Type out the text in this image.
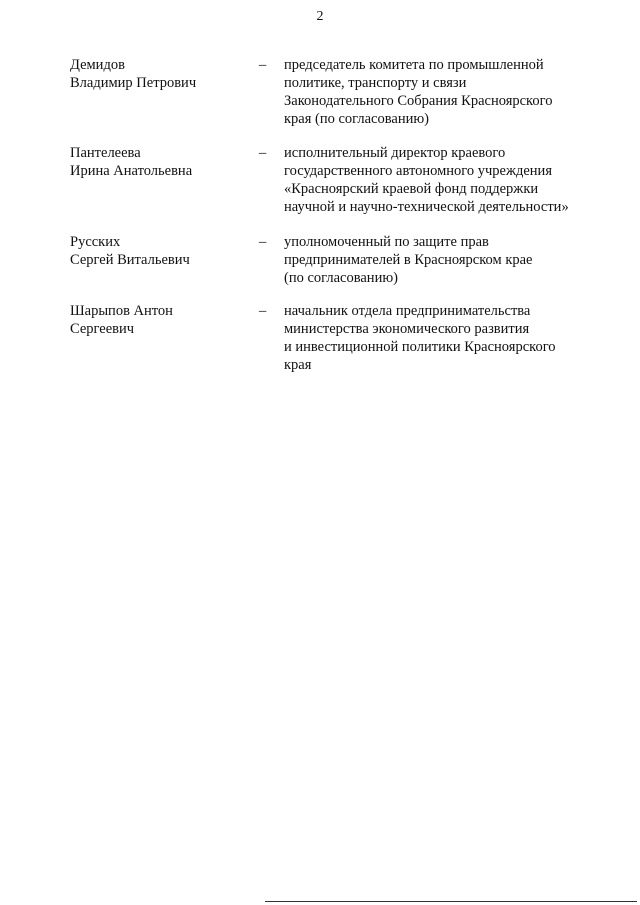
2
Демидов
Владимир Петрович
– председатель комитета по промышленной
политике, транспорту и связи
Законодательного Собрания Красноярского
края (по согласованию)
Пантелеева
Ирина Анатольевна
– исполнительный директор краевого
государственного автономного учреждения
«Красноярский краевой фонд поддержки
научной и научно-технической деятельности»
Русских
Сергей Витальевич
– уполномоченный по защите прав
предпринимателей в Красноярском крае
(по согласованию)
Шарыпов Антон
Сергеевич
– начальник отдела предпринимательства
министерства экономического развития
и инвестиционной политики Красноярского
края
